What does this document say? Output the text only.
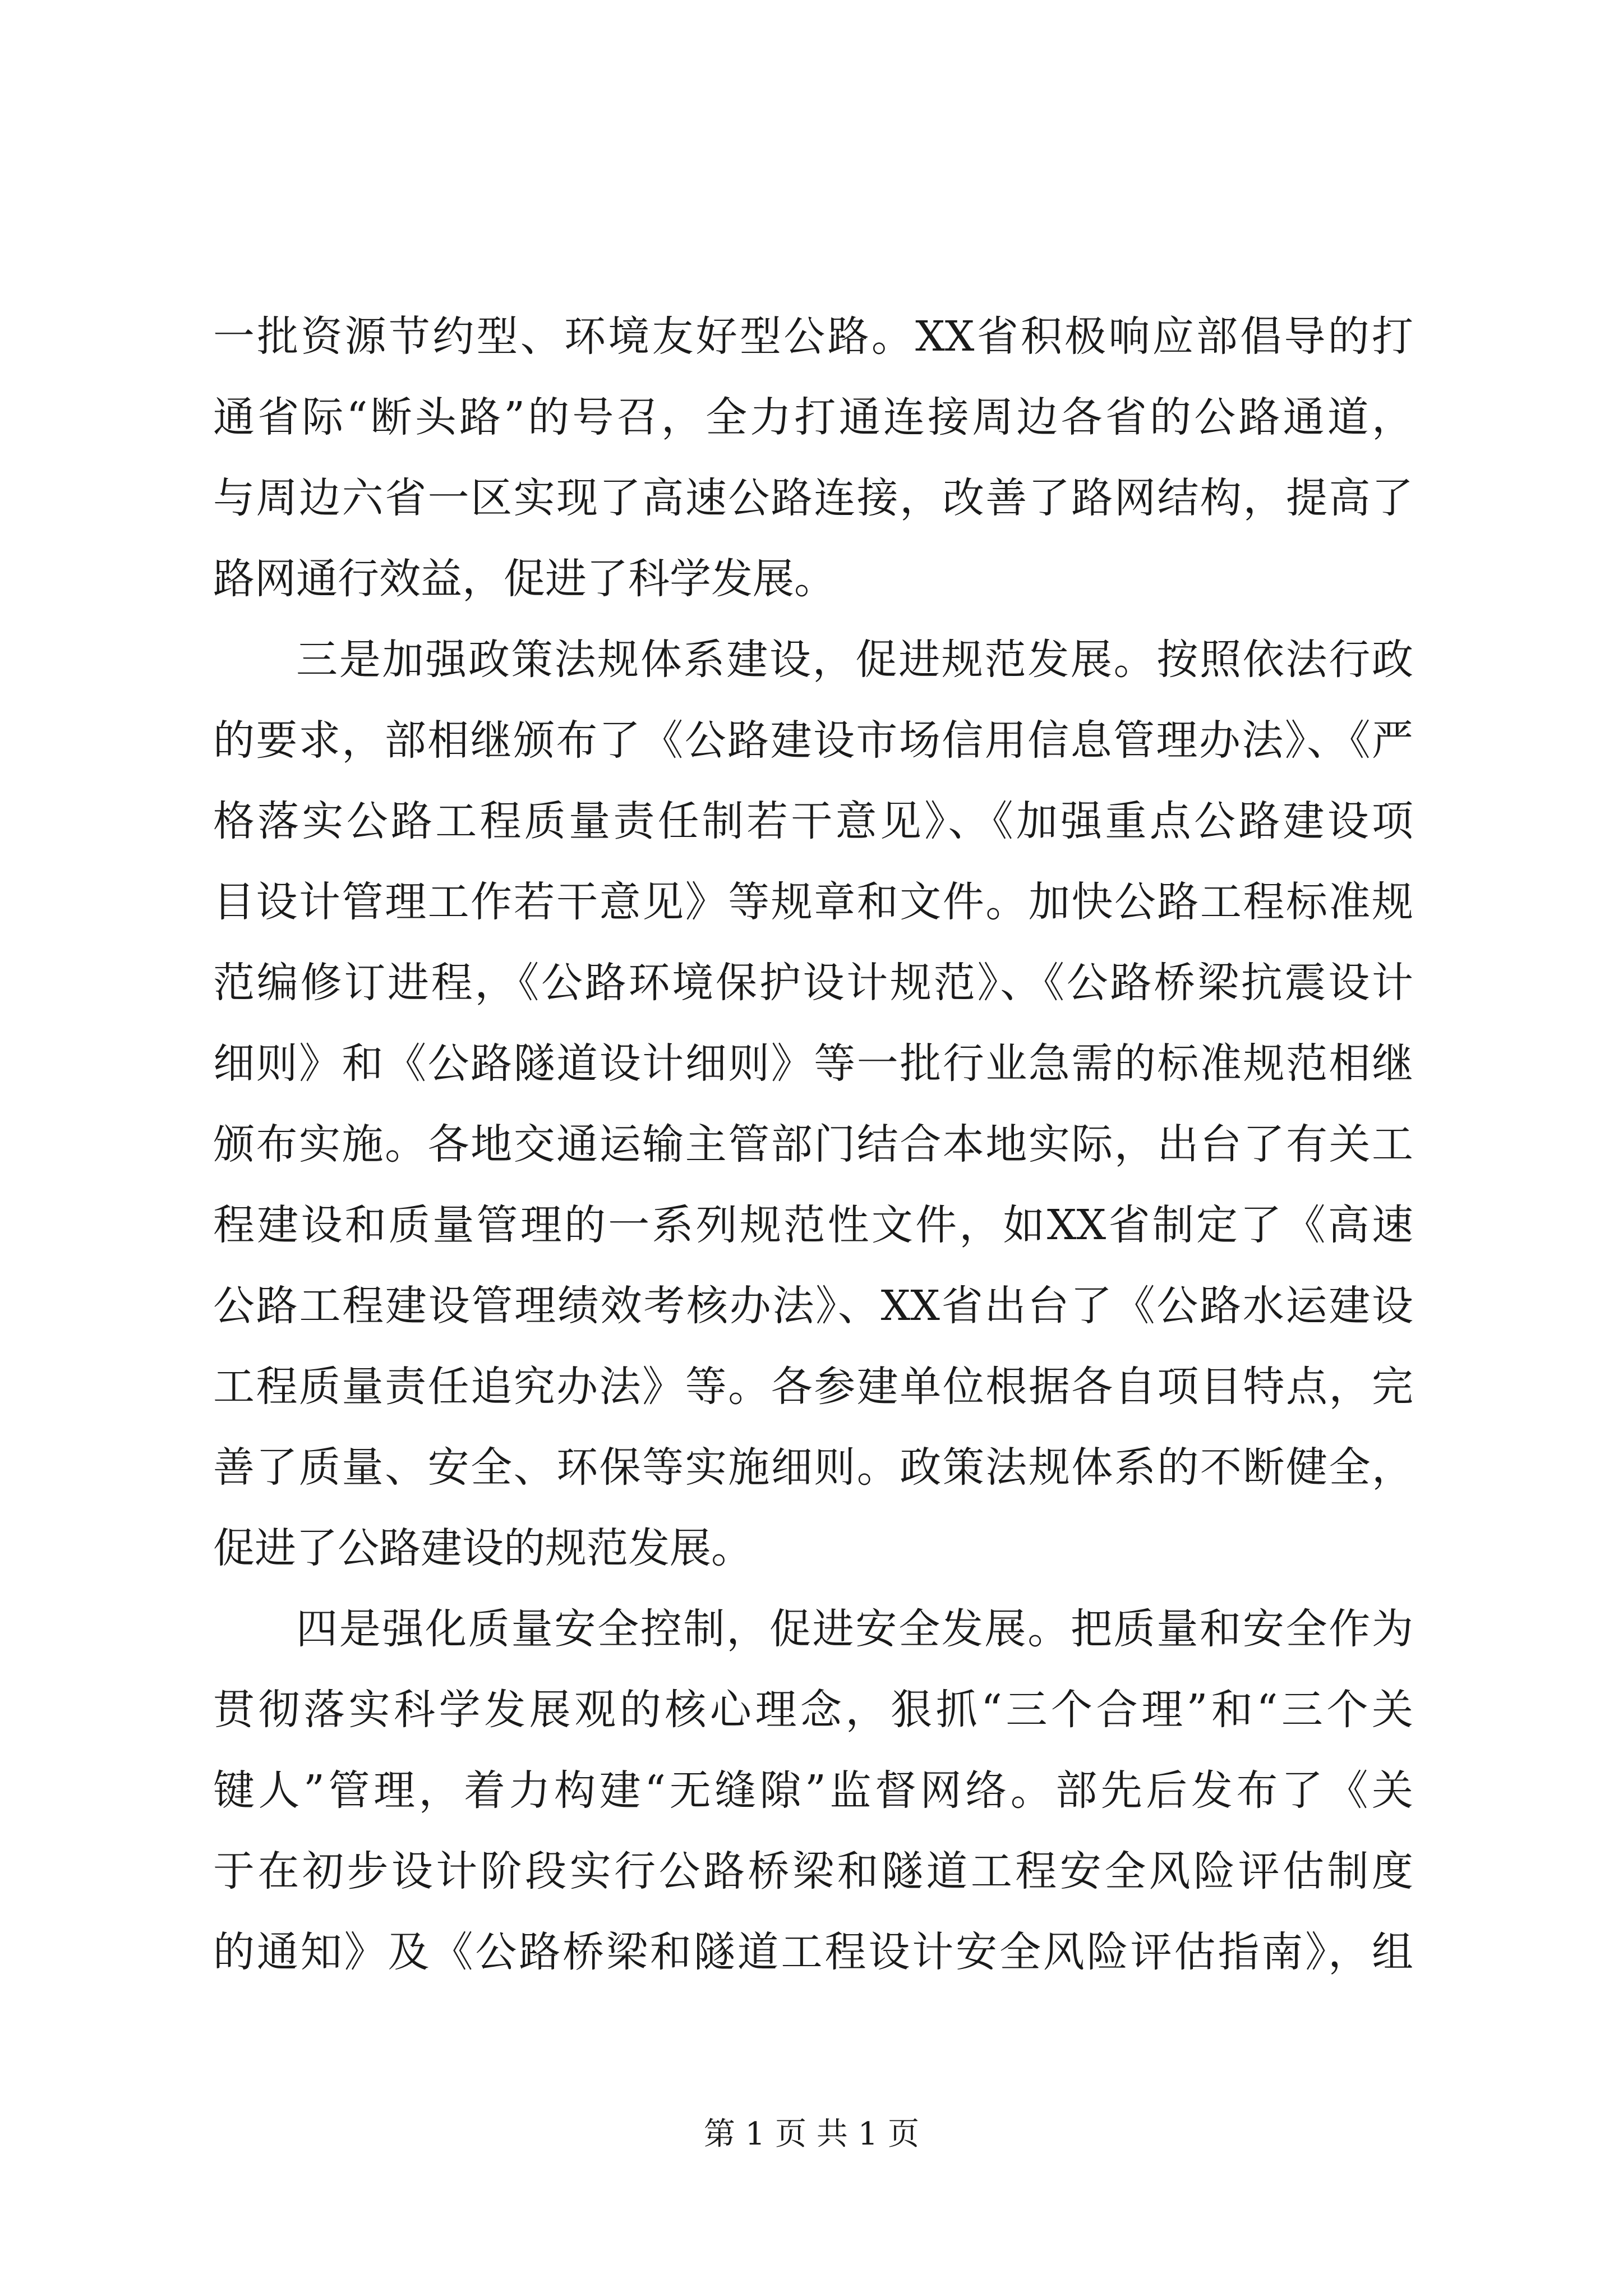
一批资源节约型、环境友好型公路。XX省积极响应部倡导的打
通省际“断头路”的号召，全力打通连接周边各省的公路通道，
与周边六省一区实现了高速公路连接，改善了路网结构，提高了
路网通行效益，促进了科学发展。
三是加强政策法规体系建设，促进规范发展。按照依法行政
的要求，部相继颁布了《公路建设市场信用信息管理办法》、《严
格落实公路工程质量责任制若干意见》、《加强重点公路建设项
目设计管理工作若干意见》等规章和文件。加快公路工程标准规
范编修订进程，《公路环境保护设计规范》、《公路桥梁抗震设计
细则》和《公路隧道设计细则》等一批行业急需的标准规范相继
颁布实施。各地交通运输主管部门结合本地实际，出台了有关工
程建设和质量管理的一系列规范性文件，如XX省制定了《高速
公路工程建设管理绩效考核办法》、XX省出台了《公路水运建设
工程质量责任追究办法》等。各参建单位根据各自项目特点，完
善了质量、安全、环保等实施细则。政策法规体系的不断健全，
促进了公路建设的规范发展。
四是强化质量安全控制，促进安全发展。把质量和安全作为
贯彻落实科学发展观的核心理念，狠抓“三个合理”和“三个关
键人”管理，着力构建“无缝隙”监督网络。部先后发布了《关
于在初步设计阶段实行公路桥梁和隧道工程安全风险评估制度
的通知》及《公路桥梁和隧道工程设计安全风险评估指南》，组
第 1 页 共 1 页
